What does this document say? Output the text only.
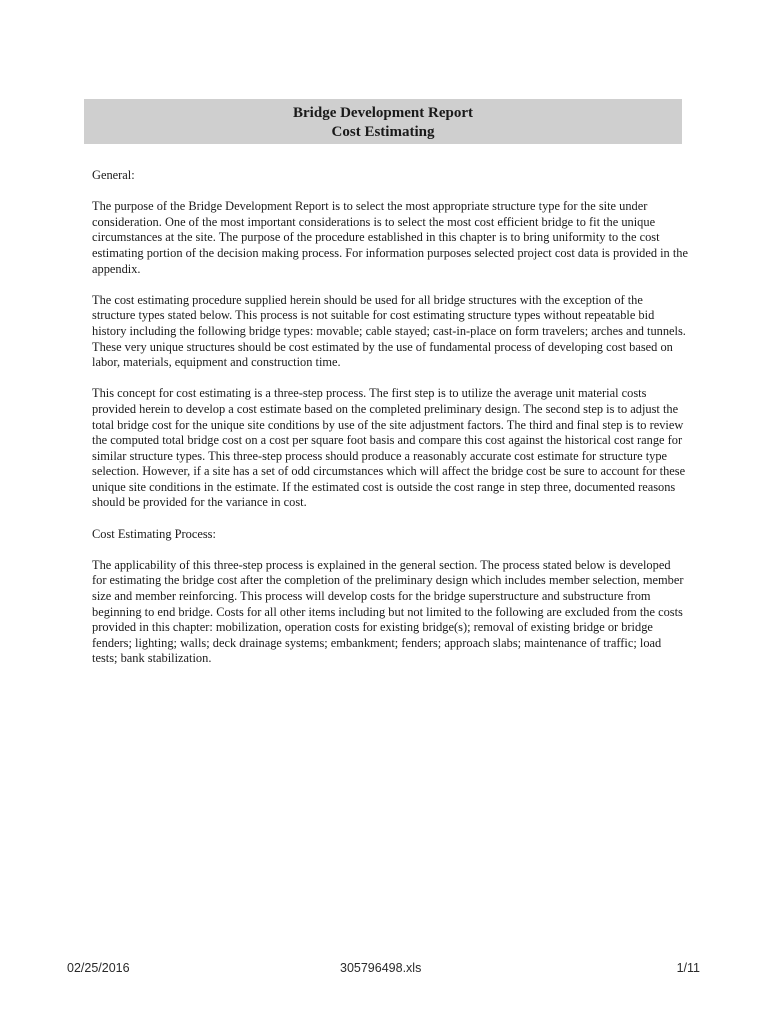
Bridge Development Report
Cost Estimating

General:

The purpose of the Bridge Development Report is to select the most appropriate structure type for the site under consideration. One of the most important considerations is to select the most cost efficient bridge to fit the unique circumstances at the site. The purpose of the procedure established in this chapter is to bring uniformity to the cost estimating portion of the decision making process. For information purposes selected project cost data is provided in the appendix.

The cost estimating procedure supplied herein should be used for all bridge structures with the exception of the structure types stated below. This process is not suitable for cost estimating structure types without repeatable bid history including the following bridge types: movable; cable stayed; cast-in-place on form travelers; arches and tunnels. These very unique structures should be cost estimated by the use of fundamental process of developing cost based on labor, materials, equipment and construction time.

This concept for cost estimating is a three-step process. The first step is to utilize the average unit material costs provided herein to develop a cost estimate based on the completed preliminary design. The second step is to adjust the total bridge cost for the unique site conditions by use of the site adjustment factors. The third and final step is to review the computed total bridge cost on a cost per square foot basis and compare this cost against the historical cost range for similar structure types. This three-step process should produce a reasonably accurate cost estimate for structure type selection. However, if a site has a set of odd circumstances which will affect the bridge cost be sure to account for these unique site conditions in the estimate. If the estimated cost is outside the cost range in step three, documented reasons should be provided for the variance in cost.

Cost Estimating Process:

The applicability of this three-step process is explained in the general section. The process stated below is developed for estimating the bridge cost after the completion of the preliminary design which includes member selection, member size and member reinforcing. This process will develop costs for the bridge superstructure and substructure from beginning to end bridge. Costs for all other items including but not limited to the following are excluded from the costs provided in this chapter: mobilization, operation costs for existing bridge(s); removal of existing bridge or bridge fenders; lighting; walls; deck drainage systems; embankment; fenders; approach slabs; maintenance of traffic; load tests; bank stabilization.

02/25/2016	305796498.xls	1/11
